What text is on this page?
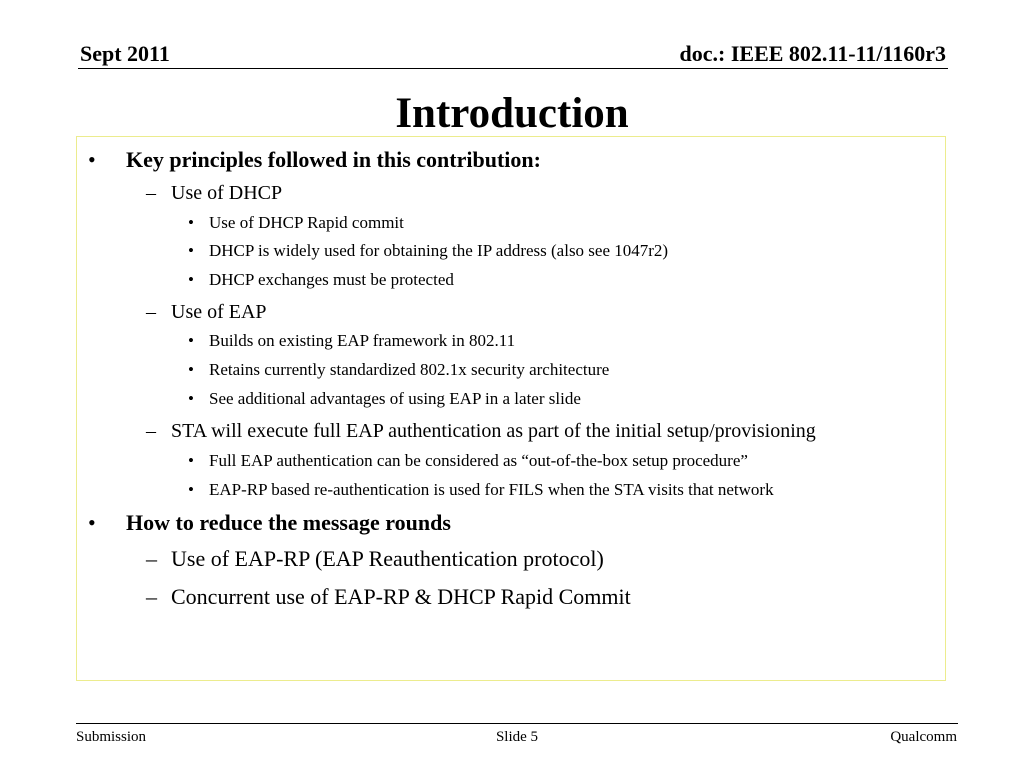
Sept 2011	doc.: IEEE 802.11-11/1160r3
Introduction
• Key principles followed in this contribution:
– Use of DHCP
• Use of DHCP Rapid commit
• DHCP is widely used for obtaining the IP address (also see 1047r2)
• DHCP exchanges must be protected
– Use of EAP
• Builds on existing EAP framework in 802.11
• Retains currently standardized 802.1x security architecture
• See additional advantages of using EAP in a later slide
– STA will execute full EAP authentication as part of the initial setup/provisioning
• Full EAP authentication can be considered as “out-of-the-box setup procedure”
• EAP-RP based re-authentication is used for FILS when the STA visits that network
• How to reduce the message rounds
– Use of EAP-RP (EAP Reauthentication protocol)
– Concurrent use of EAP-RP & DHCP Rapid Commit
Submission	Slide 5	Qualcomm
